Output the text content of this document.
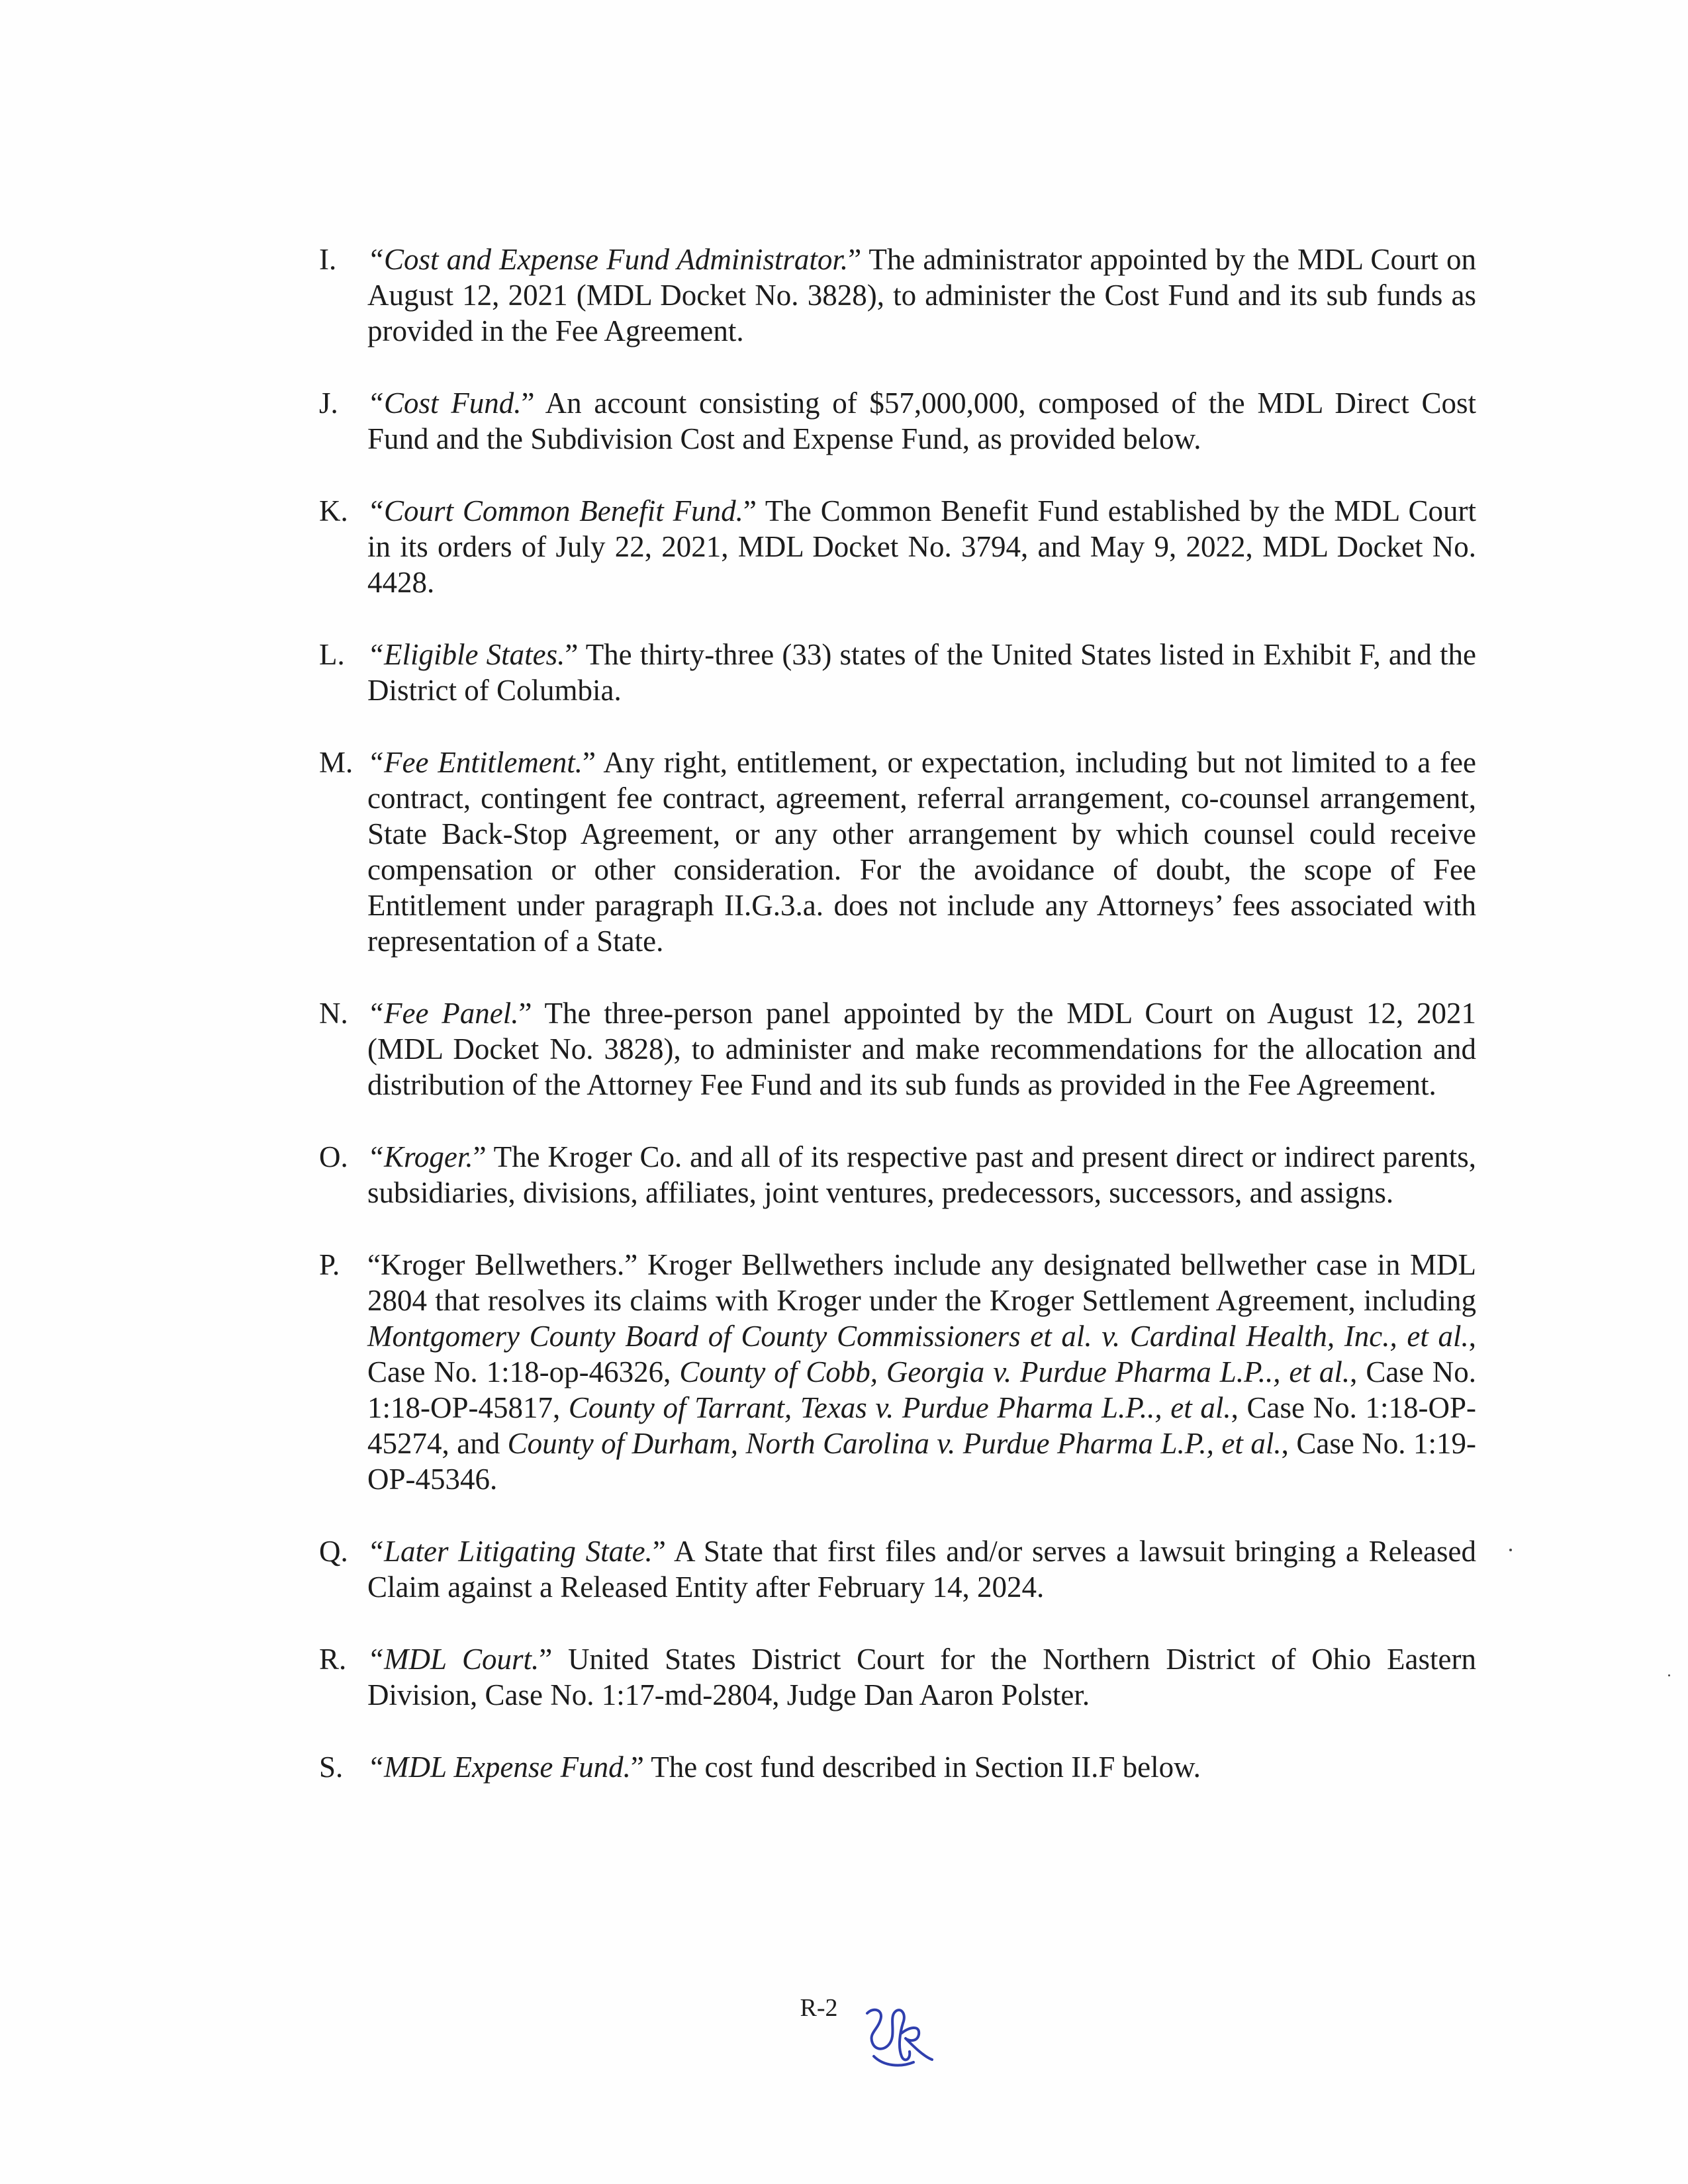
I. “Cost and Expense Fund Administrator.” The administrator appointed by the MDL Court on August 12, 2021 (MDL Docket No. 3828), to administer the Cost Fund and its sub funds as provided in the Fee Agreement.
J. “Cost Fund.” An account consisting of $57,000,000, composed of the MDL Direct Cost Fund and the Subdivision Cost and Expense Fund, as provided below.
K. “Court Common Benefit Fund.” The Common Benefit Fund established by the MDL Court in its orders of July 22, 2021, MDL Docket No. 3794, and May 9, 2022, MDL Docket No. 4428.
L. “Eligible States.” The thirty-three (33) states of the United States listed in Exhibit F, and the District of Columbia.
M. “Fee Entitlement.” Any right, entitlement, or expectation, including but not limited to a fee contract, contingent fee contract, agreement, referral arrangement, co-counsel arrangement, State Back-Stop Agreement, or any other arrangement by which counsel could receive compensation or other consideration. For the avoidance of doubt, the scope of Fee Entitlement under paragraph II.G.3.a. does not include any Attorneys’ fees associated with representation of a State.
N. “Fee Panel.” The three-person panel appointed by the MDL Court on August 12, 2021 (MDL Docket No. 3828), to administer and make recommendations for the allocation and distribution of the Attorney Fee Fund and its sub funds as provided in the Fee Agreement.
O. “Kroger.” The Kroger Co. and all of its respective past and present direct or indirect parents, subsidiaries, divisions, affiliates, joint ventures, predecessors, successors, and assigns.
P. “Kroger Bellwethers.” Kroger Bellwethers include any designated bellwether case in MDL 2804 that resolves its claims with Kroger under the Kroger Settlement Agreement, including Montgomery County Board of County Commissioners et al. v. Cardinal Health, Inc., et al., Case No. 1:18-op-46326, County of Cobb, Georgia v. Purdue Pharma L.P.., et al., Case No. 1:18-OP-45817, County of Tarrant, Texas v. Purdue Pharma L.P.., et al., Case No. 1:18-OP-45274, and County of Durham, North Carolina v. Purdue Pharma L.P., et al., Case No. 1:19-OP-45346.
Q. “Later Litigating State.” A State that first files and/or serves a lawsuit bringing a Released Claim against a Released Entity after February 14, 2024.
R. “MDL Court.” United States District Court for the Northern District of Ohio Eastern Division, Case No. 1:17-md-2804, Judge Dan Aaron Polster.
S. “MDL Expense Fund.” The cost fund described in Section II.F below.
R-2
